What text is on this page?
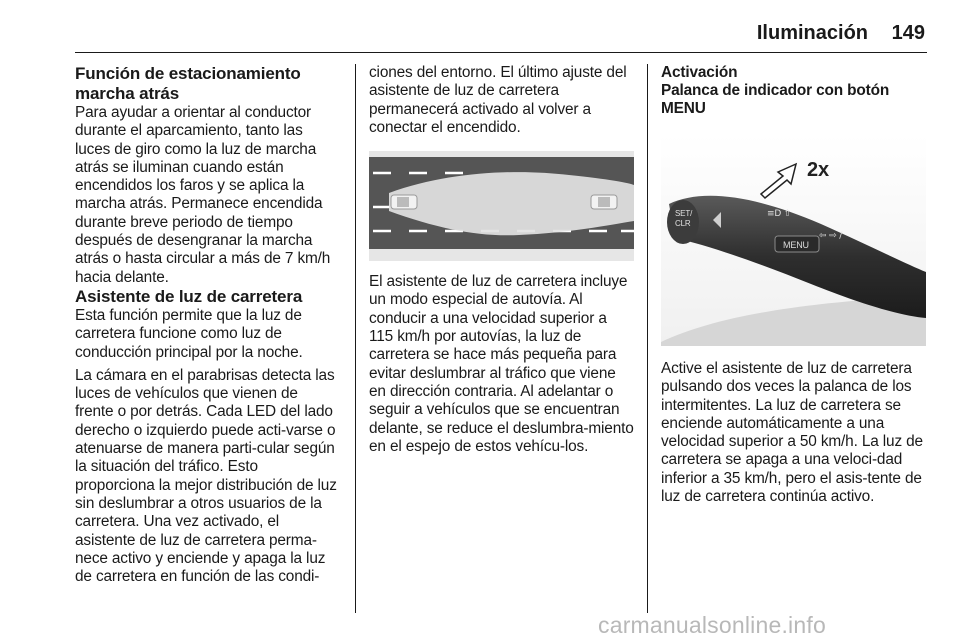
Iluminación 149

Función de estacionamiento marcha atrás

Para ayudar a orientar al conductor durante el aparcamiento, tanto las luces de giro como la luz de marcha atrás se iluminan cuando están encendidos los faros y se aplica la marcha atrás. Permanece encendida durante breve periodo de tiempo después de desengranar la marcha atrás o hasta circular a más de 7 km/h hacia delante.

Asistente de luz de carretera

Esta función permite que la luz de carretera funcione como luz de conducción principal por la noche.

La cámara en el parabrisas detecta las luces de vehículos que vienen de frente o por detrás. Cada LED del lado derecho o izquierdo puede acti-varse o atenuarse de manera parti-cular según la situación del tráfico. Esto proporciona la mejor distribución de luz sin deslumbrar a otros usuarios de la carretera. Una vez activado, el asistente de luz de carretera perma-nece activo y enciende y apaga la luz de carretera en función de las condi-

ciones del entorno. El último ajuste del asistente de luz de carretera permanecerá activado al volver a conectar el encendido.

El asistente de luz de carretera incluye un modo especial de autovía. Al conducir a una velocidad superior a 115 km/h por autovías, la luz de carretera se hace más pequeña para evitar deslumbrar al tráfico que viene en dirección contraria. Al adelantar o seguir a vehículos que se encuentran delante, se reduce el deslumbra-miento en el espejo de estos vehícu-los.

Activación

Palanca de indicador con botón MENU

SET/
CLR
2x
≡D ⇧
⇦ ⇨ /
MENU

Active el asistente de luz de carretera pulsando dos veces la palanca de los intermitentes. La luz de carretera se enciende automáticamente a una velocidad superior a 50 km/h. La luz de carretera se apaga a una veloci-dad inferior a 35 km/h, pero el asis-tente de luz de carretera continúa activo.

carmanualsonline.info
